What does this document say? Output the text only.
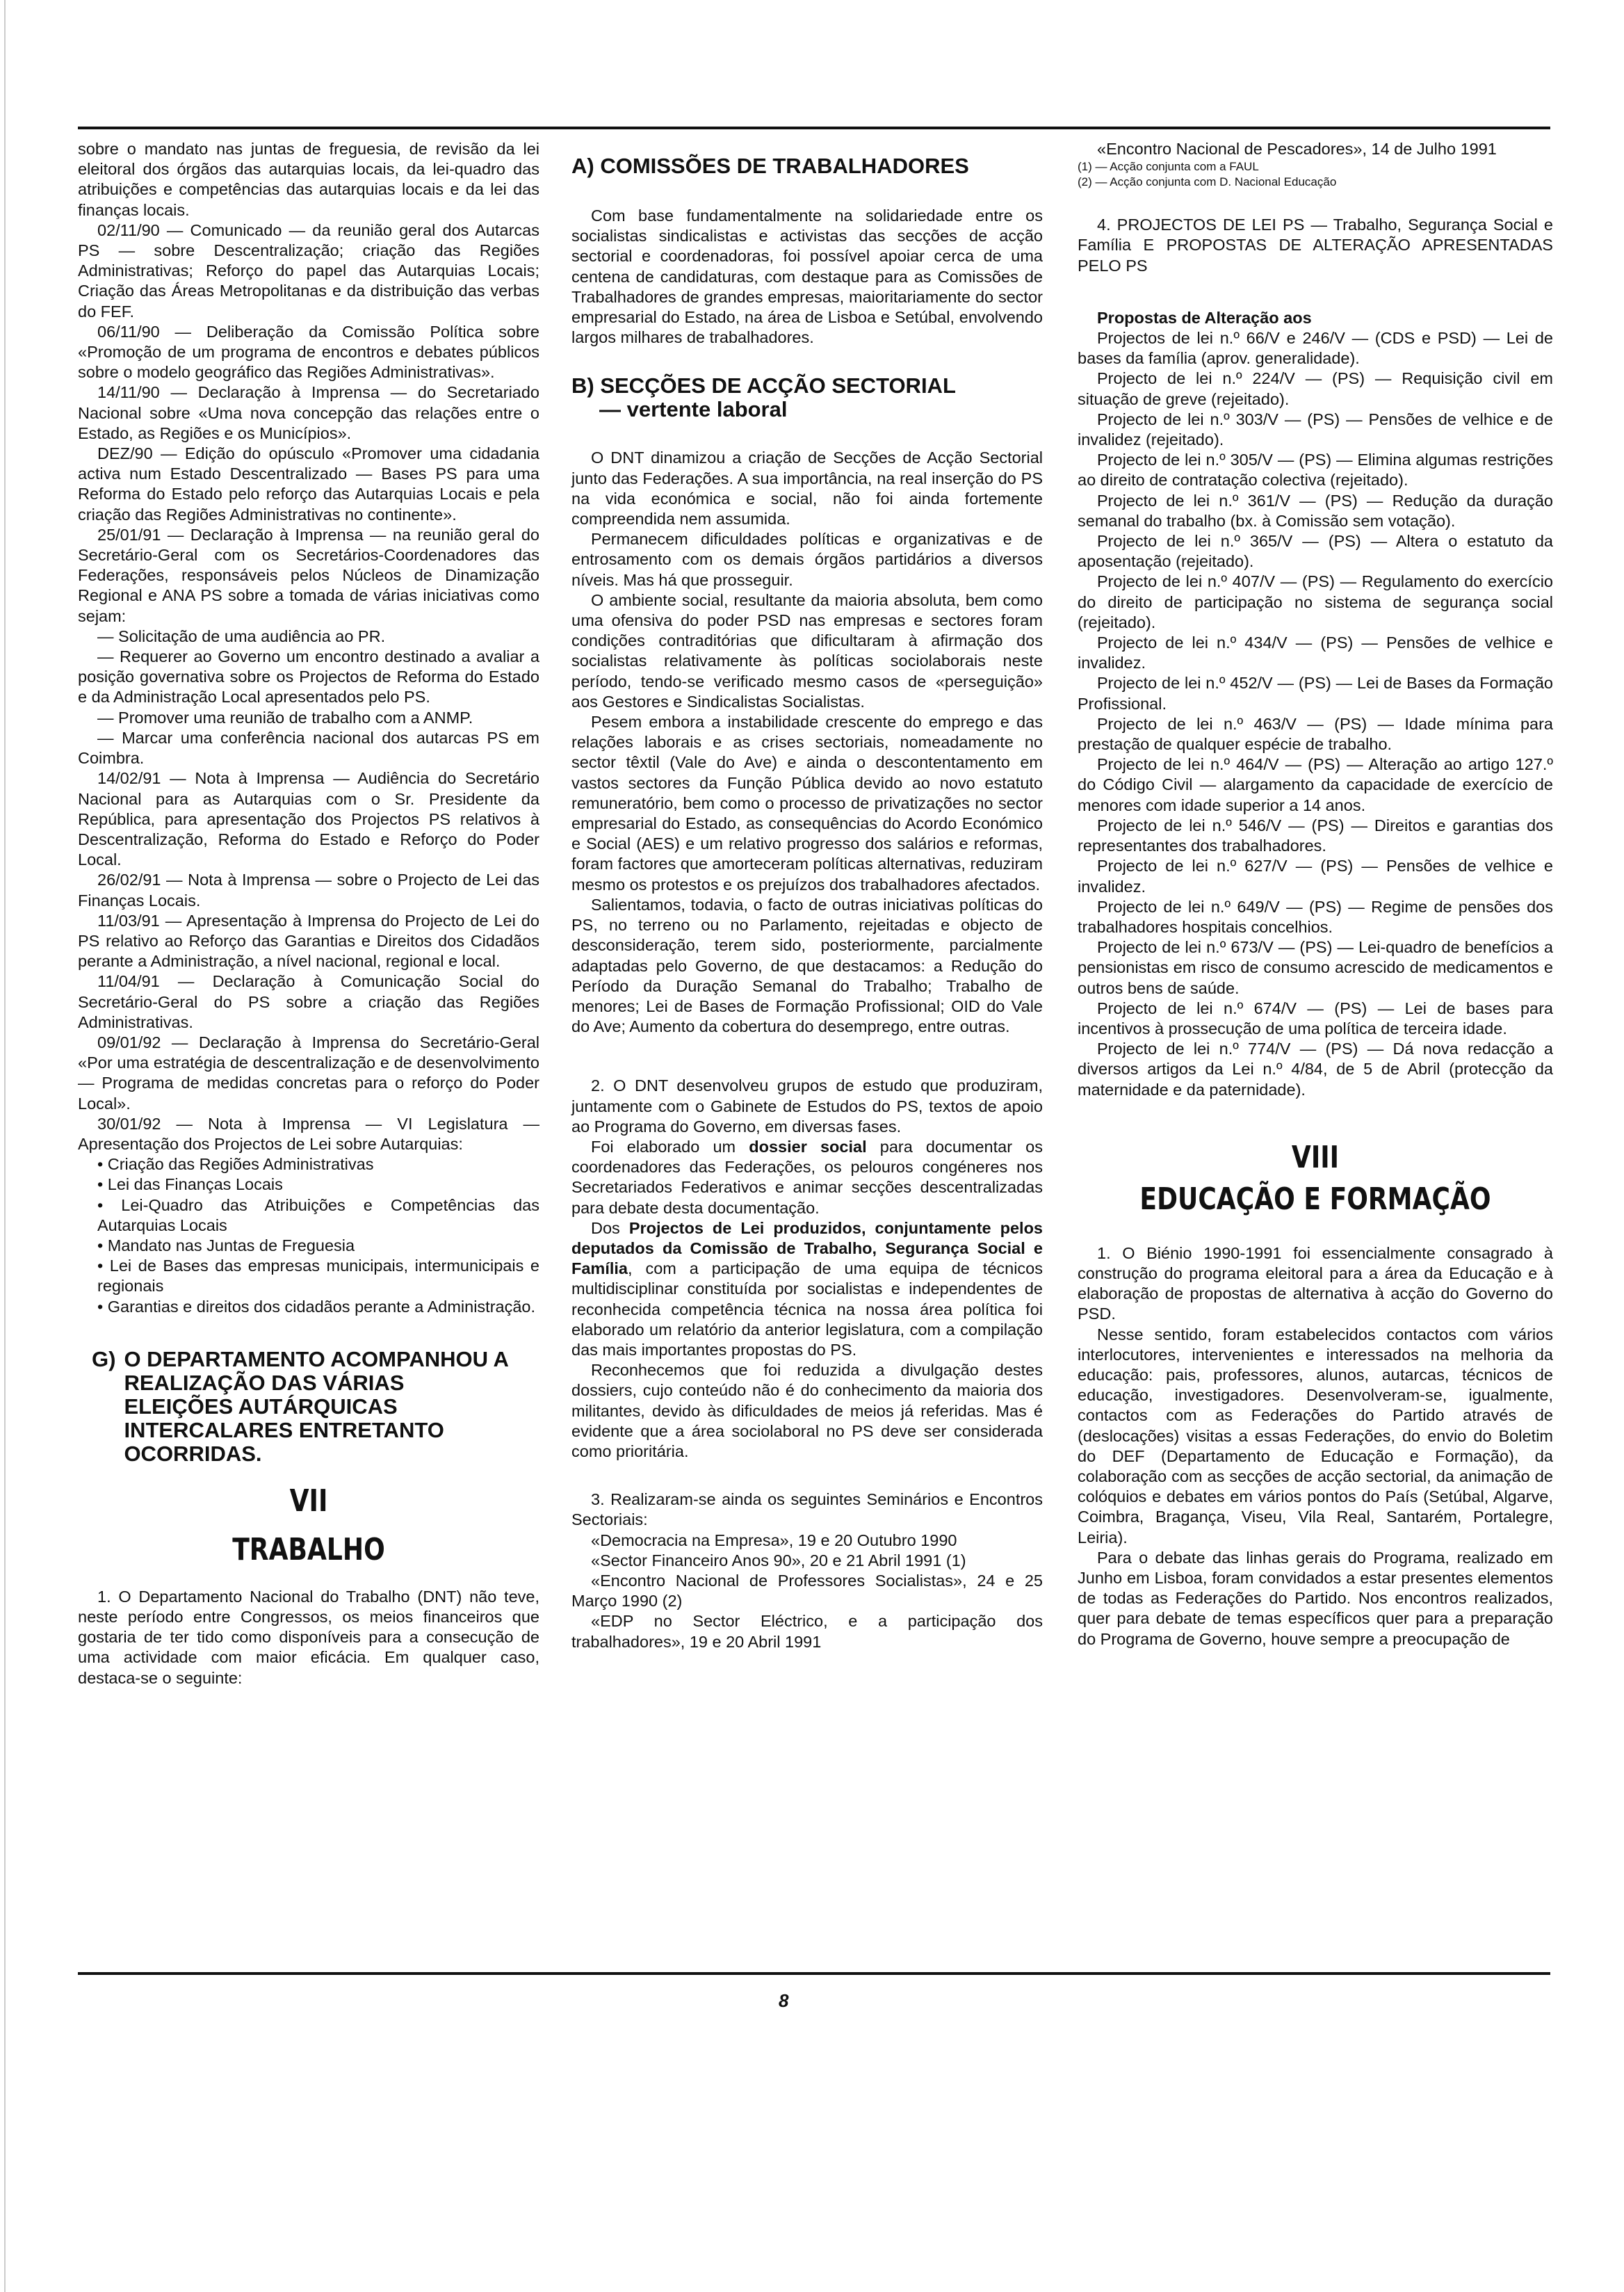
sobre o mandato nas juntas de freguesia, de revisão da lei eleitoral dos órgãos das autarquias locais, da lei-quadro das atribuições e competências das autarquias locais e da lei das finanças locais.

02/11/90 — Comunicado — da reunião geral dos Autarcas PS — sobre Descentralização; criação das Regiões Administrativas; Reforço do papel das Autarquias Locais; Criação das Áreas Metropolitanas e da distribuição das verbas do FEF.

06/11/90 — Deliberação da Comissão Política sobre «Promoção de um programa de encontros e debates públicos sobre o modelo geográfico das Regiões Administrativas».

14/11/90 — Declaração à Imprensa — do Secretariado Nacional sobre «Uma nova concepção das relações entre o Estado, as Regiões e os Municípios».

DEZ/90 — Edição do opúsculo «Promover uma cidadania activa num Estado Descentralizado — Bases PS para uma Reforma do Estado pelo reforço das Autarquias Locais e pela criação das Regiões Administrativas no continente».

25/01/91 — Declaração à Imprensa — na reunião geral do Secretário-Geral com os Secretários-Coordenadores das Federações, responsáveis pelos Núcleos de Dinamização Regional e ANA PS sobre a tomada de várias iniciativas como sejam:

— Solicitação de uma audiência ao PR.

— Requerer ao Governo um encontro destinado a avaliar a posição governativa sobre os Projectos de Reforma do Estado e da Administração Local apresentados pelo PS.

— Promover uma reunião de trabalho com a ANMP.

— Marcar uma conferência nacional dos autarcas PS em Coimbra.

14/02/91 — Nota à Imprensa — Audiência do Secretário Nacional para as Autarquias com o Sr. Presidente da República, para apresentação dos Projectos PS relativos à Descentralização, Reforma do Estado e Reforço do Poder Local.

26/02/91 — Nota à Imprensa — sobre o Projecto de Lei das Finanças Locais.

11/03/91 — Apresentação à Imprensa do Projecto de Lei do PS relativo ao Reforço das Garantias e Direitos dos Cidadãos perante a Administração, a nível nacional, regional e local.

11/04/91 — Declaração à Comunicação Social do Secretário-Geral do PS sobre a criação das Regiões Administrativas.

09/01/92 — Declaração à Imprensa do Secretário-Geral «Por uma estratégia de descentralização e de desenvolvimento — Programa de medidas concretas para o reforço do Poder Local».

30/01/92 — Nota à Imprensa — VI Legislatura — Apresentação dos Projectos de Lei sobre Autarquias:

• Criação das Regiões Administrativas

• Lei das Finanças Locais

• Lei-Quadro das Atribuições e Competências das Autarquias Locais

• Mandato nas Juntas de Freguesia

• Lei de Bases das empresas municipais, intermunicipais e regionais

• Garantias e direitos dos cidadãos perante a Administração.

G) O DEPARTAMENTO ACOMPANHOU A REALIZAÇÃO DAS VÁRIAS ELEIÇÕES AUTÁRQUICAS INTERCALARES ENTRETANTO OCORRIDAS.
VII
TRABALHO

1. O Departamento Nacional do Trabalho (DNT) não teve, neste período entre Congressos, os meios financeiros que gostaria de ter tido como disponíveis para a consecução de uma actividade com maior eficácia. Em qualquer caso, destaca-se o seguinte:

A) COMISSÕES DE TRABALHADORES

Com base fundamentalmente na solidariedade entre os socialistas sindicalistas e activistas das secções de acção sectorial e coordenadoras, foi possível apoiar cerca de uma centena de candidaturas, com destaque para as Comissões de Trabalhadores de grandes empresas, maioritariamente do sector empresarial do Estado, na área de Lisboa e Setúbal, envolvendo largos milhares de trabalhadores.

B) SECÇÕES DE ACÇÃO SECTORIAL
— vertente laboral

O DNT dinamizou a criação de Secções de Acção Sectorial junto das Federações. A sua importância, na real inserção do PS na vida económica e social, não foi ainda fortemente compreendida nem assumida.

Permanecem dificuldades políticas e organizativas e de entrosamento com os demais órgãos partidários a diversos níveis. Mas há que prosseguir.

O ambiente social, resultante da maioria absoluta, bem como uma ofensiva do poder PSD nas empresas e sectores foram condições contraditórias que dificultaram à afirmação dos socialistas relativamente às políticas sociolaborais neste período, tendo-se verificado mesmo casos de «perseguição» aos Gestores e Sindicalistas Socialistas.

Pesem embora a instabilidade crescente do emprego e das relações laborais e as crises sectoriais, nomeadamente no sector têxtil (Vale do Ave) e ainda o descontentamento em vastos sectores da Função Pública devido ao novo estatuto remuneratório, bem como o processo de privatizações no sector empresarial do Estado, as consequências do Acordo Económico e Social (AES) e um relativo progresso dos salários e reformas, foram factores que amorteceram políticas alternativas, reduziram mesmo os protestos e os prejuízos dos trabalhadores afectados.

Salientamos, todavia, o facto de outras iniciativas políticas do PS, no terreno ou no Parlamento, rejeitadas e objecto de desconsideração, terem sido, posteriormente, parcialmente adaptadas pelo Governo, de que destacamos: a Redução do Período da Duração Semanal do Trabalho; Trabalho de menores; Lei de Bases de Formação Profissional; OID do Vale do Ave; Aumento da cobertura do desemprego, entre outras.

2. O DNT desenvolveu grupos de estudo que produziram, juntamente com o Gabinete de Estudos do PS, textos de apoio ao Programa do Governo, em diversas fases.

Foi elaborado um dossier social para documentar os coordenadores das Federações, os pelouros congéneres nos Secretariados Federativos e animar secções descentralizadas para debate desta documentação.

Dos Projectos de Lei produzidos, conjuntamente pelos deputados da Comissão de Trabalho, Segurança Social e Família, com a participação de uma equipa de técnicos multidisciplinar constituída por socialistas e independentes de reconhecida competência técnica na nossa área política foi elaborado um relatório da anterior legislatura, com a compilação das mais importantes propostas do PS.

Reconhecemos que foi reduzida a divulgação destes dossiers, cujo conteúdo não é do conhecimento da maioria dos militantes, devido às dificuldades de meios já referidas. Mas é evidente que a área sociolaboral no PS deve ser considerada como prioritária.

3. Realizaram-se ainda os seguintes Seminários e Encontros Sectoriais:

«Democracia na Empresa», 19 e 20 Outubro 1990

«Sector Financeiro Anos 90», 20 e 21 Abril 1991 (1)

«Encontro Nacional de Professores Socialistas», 24 e 25 Março 1990 (2)

«EDP no Sector Eléctrico, e a participação dos trabalhadores», 19 e 20 Abril 1991

«Encontro Nacional de Pescadores», 14 de Julho 1991

(1) — Acção conjunta com a FAUL

(2) — Acção conjunta com D. Nacional Educação

4. PROJECTOS DE LEI PS — Trabalho, Segurança Social e Família E PROPOSTAS DE ALTERAÇÃO APRESENTADAS PELO PS

Propostas de Alteração aos

Projectos de lei n.º 66/V e 246/V — (CDS e PSD) — Lei de bases da família (aprov. generalidade).

Projecto de lei n.º 224/V — (PS) — Requisição civil em situação de greve (rejeitado).

Projecto de lei n.º 303/V — (PS) — Pensões de velhice e de invalidez (rejeitado).

Projecto de lei n.º 305/V — (PS) — Elimina algumas restrições ao direito de contratação colectiva (rejeitado).

Projecto de lei n.º 361/V — (PS) — Redução da duração semanal do trabalho (bx. à Comissão sem votação).

Projecto de lei n.º 365/V — (PS) — Altera o estatuto da aposentação (rejeitado).

Projecto de lei n.º 407/V — (PS) — Regulamento do exercício do direito de participação no sistema de segurança social (rejeitado).

Projecto de lei n.º 434/V — (PS) — Pensões de velhice e invalidez.

Projecto de lei n.º 452/V — (PS) — Lei de Bases da Formação Profissional.

Projecto de lei n.º 463/V — (PS) — Idade mínima para prestação de qualquer espécie de trabalho.

Projecto de lei n.º 464/V — (PS) — Alteração ao artigo 127.º do Código Civil — alargamento da capacidade de exercício de menores com idade superior a 14 anos.

Projecto de lei n.º 546/V — (PS) — Direitos e garantias dos representantes dos trabalhadores.

Projecto de lei n.º 627/V — (PS) — Pensões de velhice e invalidez.

Projecto de lei n.º 649/V — (PS) — Regime de pensões dos trabalhadores hospitais concelhios.

Projecto de lei n.º 673/V — (PS) — Lei-quadro de benefícios a pensionistas em risco de consumo acrescido de medicamentos e outros bens de saúde.

Projecto de lei n.º 674/V — (PS) — Lei de bases para incentivos à prossecução de uma política de terceira idade.

Projecto de lei n.º 774/V — (PS) — Dá nova redacção a diversos artigos da Lei n.º 4/84, de 5 de Abril (protecção da maternidade e da paternidade).

VIII
EDUCAÇÃO E FORMAÇÃO

1. O Biénio 1990-1991 foi essencialmente consagrado à construção do programa eleitoral para a área da Educação e à elaboração de propostas de alternativa à acção do Governo do PSD.

Nesse sentido, foram estabelecidos contactos com vários interlocutores, intervenientes e interessados na melhoria da educação: pais, professores, alunos, autarcas, técnicos de educação, investigadores. Desenvolveram-se, igualmente, contactos com as Federações do Partido através de (deslocações) visitas a essas Federações, do envio do Boletim do DEF (Departamento de Educação e Formação), da colaboração com as secções de acção sectorial, da animação de colóquios e debates em vários pontos do País (Setúbal, Algarve, Coimbra, Bragança, Viseu, Vila Real, Santarém, Portalegre, Leiria).

Para o debate das linhas gerais do Programa, realizado em Junho em Lisboa, foram convidados a estar presentes elementos de todas as Federações do Partido. Nos encontros realizados, quer para debate de temas específicos quer para a preparação do Programa de Governo, houve sempre a preocupação de

8
